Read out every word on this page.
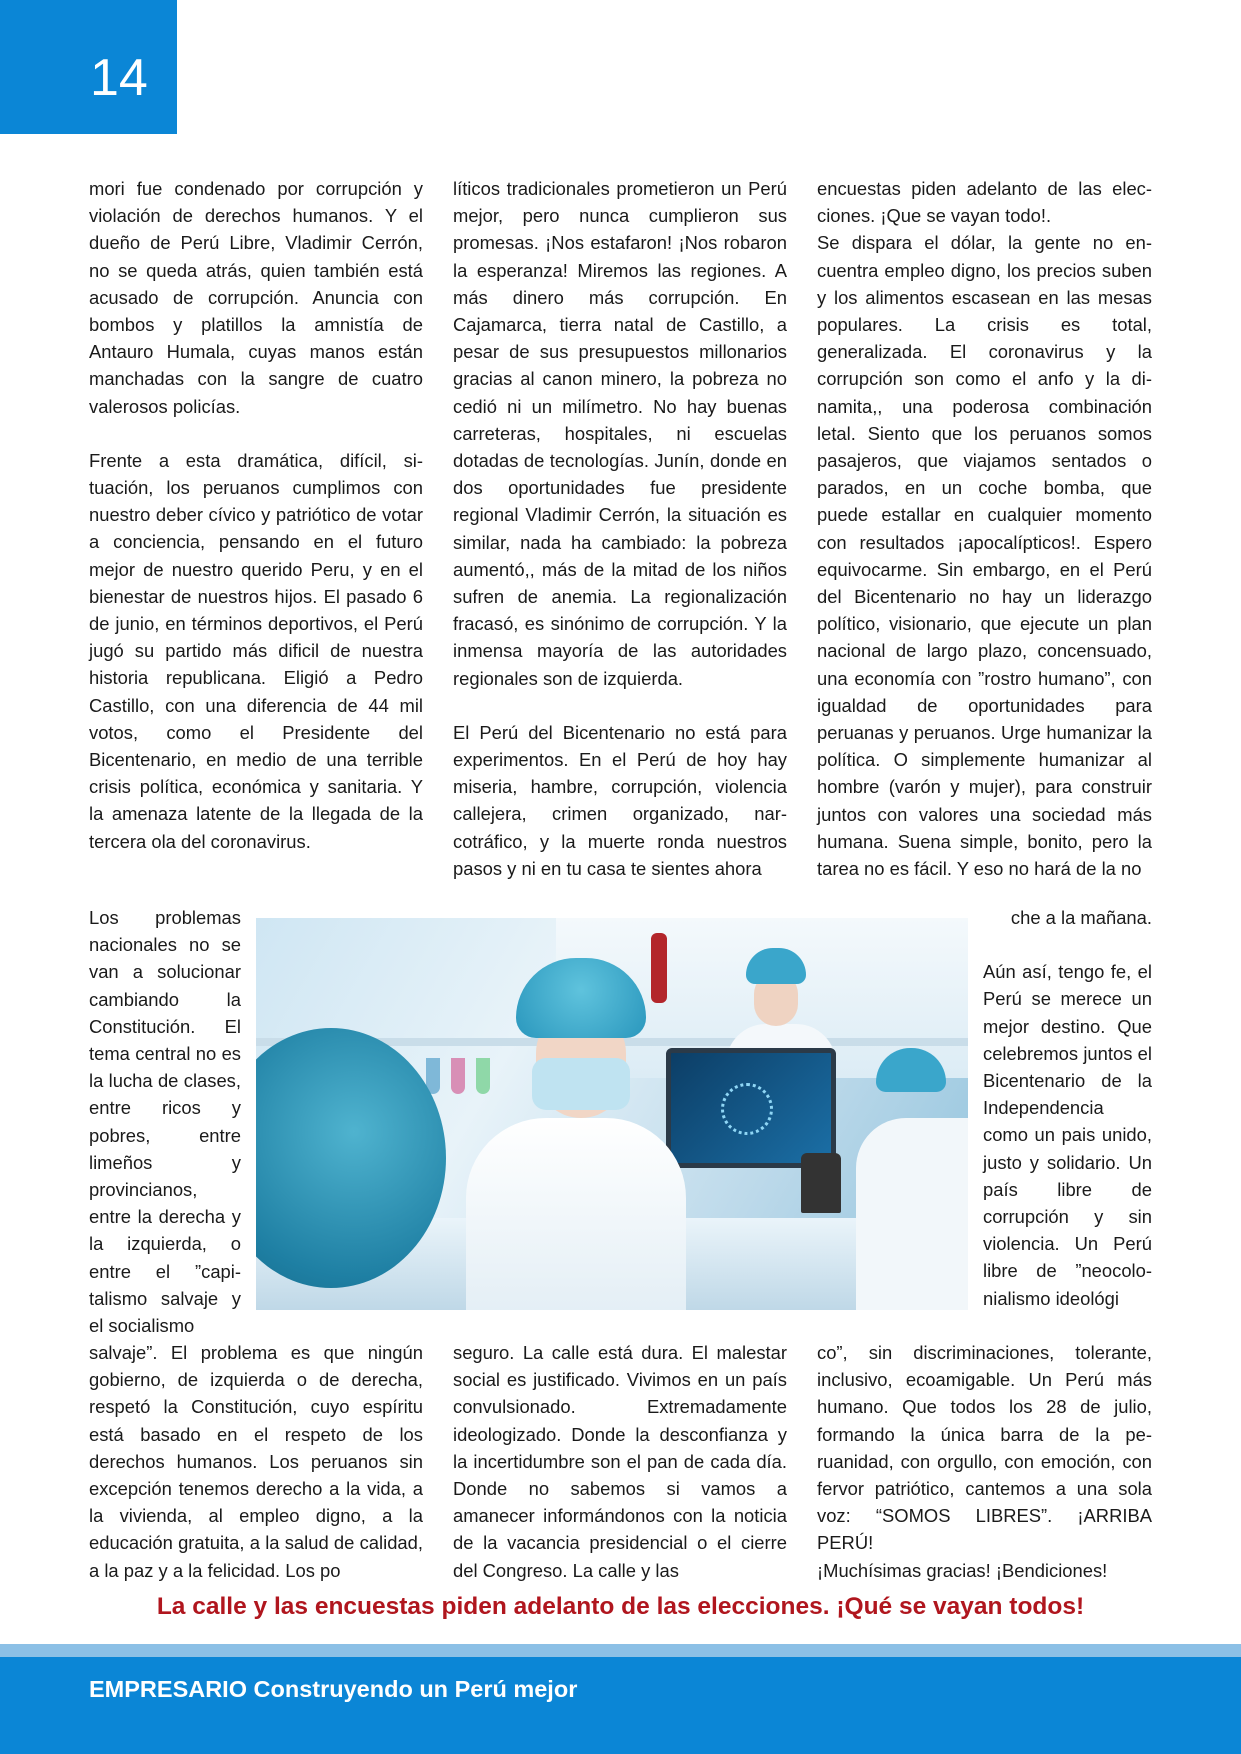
14

mori fue condenado por corrupción y violación de derechos humanos. Y el dueño de Perú Libre, Vladimir Cerrón, no se queda atrás, quien también está acusado de corrupción. Anuncia con bombos y platillos la amnistía de Antauro Humala, cuyas manos están manchadas con la sangre de cuatro valerosos policías.

Frente a esta dramática, difícil, situación, los peruanos cumplimos con nuestro deber cívico y patriótico de votar a conciencia, pensando en el futuro mejor de nuestro querido Peru, y en el bienestar de nuestros hijos. El pasado 6 de junio, en términos deportivos, el Perú jugó su partido más dificil de nuestra historia republicana. Eligió a Pedro Castillo, con una diferencia de 44 mil votos, como el Presidente del Bicentenario, en medio de una terrible crisis política, económica y sanitaria. Y la amenaza latente de la llegada de la tercera ola del coronavirus.

líticos tradicionales prometieron un Perú mejor, pero nunca cumplieron sus promesas. ¡Nos estafaron! ¡Nos robaron la esperanza! Miremos las regiones. A más dinero más corrupción. En Cajamarca, tierra natal de Castillo, a pesar de sus presupuestos millonarios gracias al canon minero, la pobreza no cedió ni un milímetro. No hay buenas carreteras, hospitales, ni escuelas dotadas de tecnologías. Junín, donde en dos oportunidades fue presidente regional Vladimir Cerrón, la situación es similar, nada ha cambiado: la pobreza aumentó,, más de la mitad de los niños sufren de anemia. La regionalización fracasó, es sinónimo de corrupción. Y la inmensa mayoría de las autoridades regionales son de izquierda.

El Perú del Bicentenario no está para experimentos. En el Perú de hoy hay miseria, hambre, corrupción, violencia callejera, crimen organizado, narcotráfico, y la muerte ronda nuestros pasos y ni en tu casa te sientes ahora

encuestas piden adelanto de las elecciones. ¡Que se vayan todo!.

Se dispara el dólar, la gente no encuentra empleo digno, los precios suben y los alimentos escasean en las mesas populares. La crisis es total, generalizada. El coronavirus y la corrupción son como el anfo y la dinamita,, una poderosa combinación letal. Siento que los peruanos somos pasajeros, que viajamos sentados o parados, en un coche bomba, que puede estallar en cualquier momento con resultados ¡apocalípticos!. Espero equivocarme. Sin embargo, en el Perú del Bicentenario no hay un liderazgo político, visionario, que ejecute un plan nacional de largo plazo, concensuado, una economía con ”rostro humano”, con igualdad de oportunidades para peruanas y peruanos. Urge humanizar la política. O simplemente humanizar al hombre (varón y mujer), para construir juntos con valores una sociedad más humana. Suena simple, bonito, pero la tarea no es fácil. Y eso no hará de la no

Los problemas nacionales no se van a solucionar cambiando la Constitución. El tema central no es la lucha de clases, entre ricos y pobres, entre limeños y provincianos, entre la derecha y la izquierda, o entre el ”capitalismo salvaje y el socialismo

che a la mañana.

Aún así, tengo fe, el Perú se merece un mejor destino. Que celebremos juntos el Bicentenario de la Independencia como un pais unido, justo y solidario. Un país libre de corrupción y sin violencia. Un Perú libre de ”neocolonialismo ideológi

salvaje”. El problema es que ningún gobierno, de izquierda o de derecha, respetó la Constitución, cuyo espíritu está basado en el respeto de los derechos humanos. Los peruanos sin excepción tenemos derecho a la vida, a la vivienda, al empleo digno, a la educación gratuita, a la salud de calidad, a la paz y a la felicidad. Los po

seguro. La calle está dura. El malestar social es justificado. Vivimos en un país convulsionado. Extremadamente ideologizado. Donde la desconfianza y la incertidumbre son el pan de cada día. Donde no sabemos si vamos a amanecer informándonos con la noticia de la vacancia presidencial o el cierre del Congreso. La calle y las

co”, sin discriminaciones, tolerante, inclusivo, ecoamigable. Un Perú más humano. Que todos los 28 de julio, formando la única barra de la peruanidad, con orgullo, con emoción, con fervor patriótico, cantemos a una sola voz: “SOMOS LIBRES”. ¡ARRIBA PERÚ!

¡Muchísimas gracias! ¡Bendiciones!

La calle y las encuestas piden adelanto de las elecciones. ¡Qué se vayan todos!
EMPRESARIO Construyendo un Perú mejor
